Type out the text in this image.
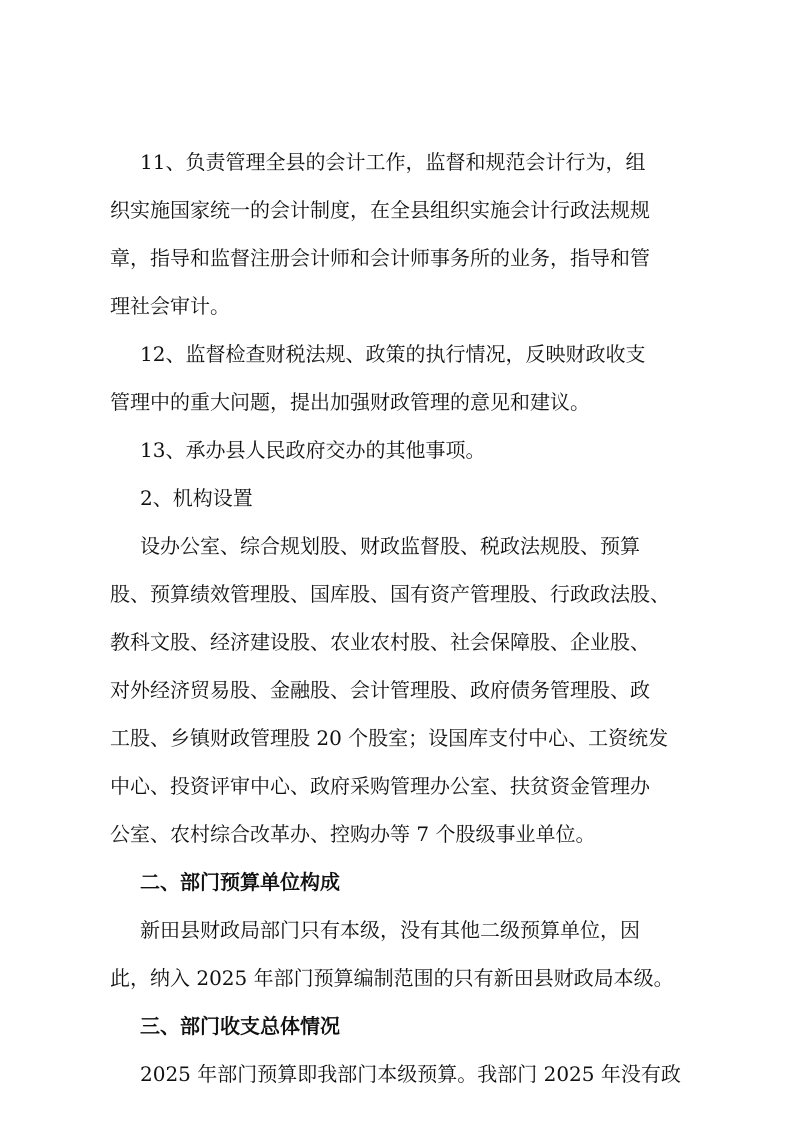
11、负责管理全县的会计工作，监督和规范会计行为，组
织实施国家统一的会计制度，在全县组织实施会计行政法规规
章，指导和监督注册会计师和会计师事务所的业务，指导和管
理社会审计。
12、监督检查财税法规、政策的执行情况，反映财政收支
管理中的重大问题，提出加强财政管理的意见和建议。
13、承办县人民政府交办的其他事项。
2、机构设置
设办公室、综合规划股、财政监督股、税政法规股、预算
股、预算绩效管理股、国库股、国有资产管理股、行政政法股、
教科文股、经济建设股、农业农村股、社会保障股、企业股、
对外经济贸易股、金融股、会计管理股、政府债务管理股、政
工股、乡镇财政管理股 20 个股室；设国库支付中心、工资统发
中心、投资评审中心、政府采购管理办公室、扶贫资金管理办
公室、农村综合改革办、控购办等 7 个股级事业单位。
二、部门预算单位构成
新田县财政局部门只有本级，没有其他二级预算单位，因
此，纳入 2025 年部门预算编制范围的只有新田县财政局本级。
三、部门收支总体情况
2025 年部门预算即我部门本级预算。我部门 2025 年没有政
